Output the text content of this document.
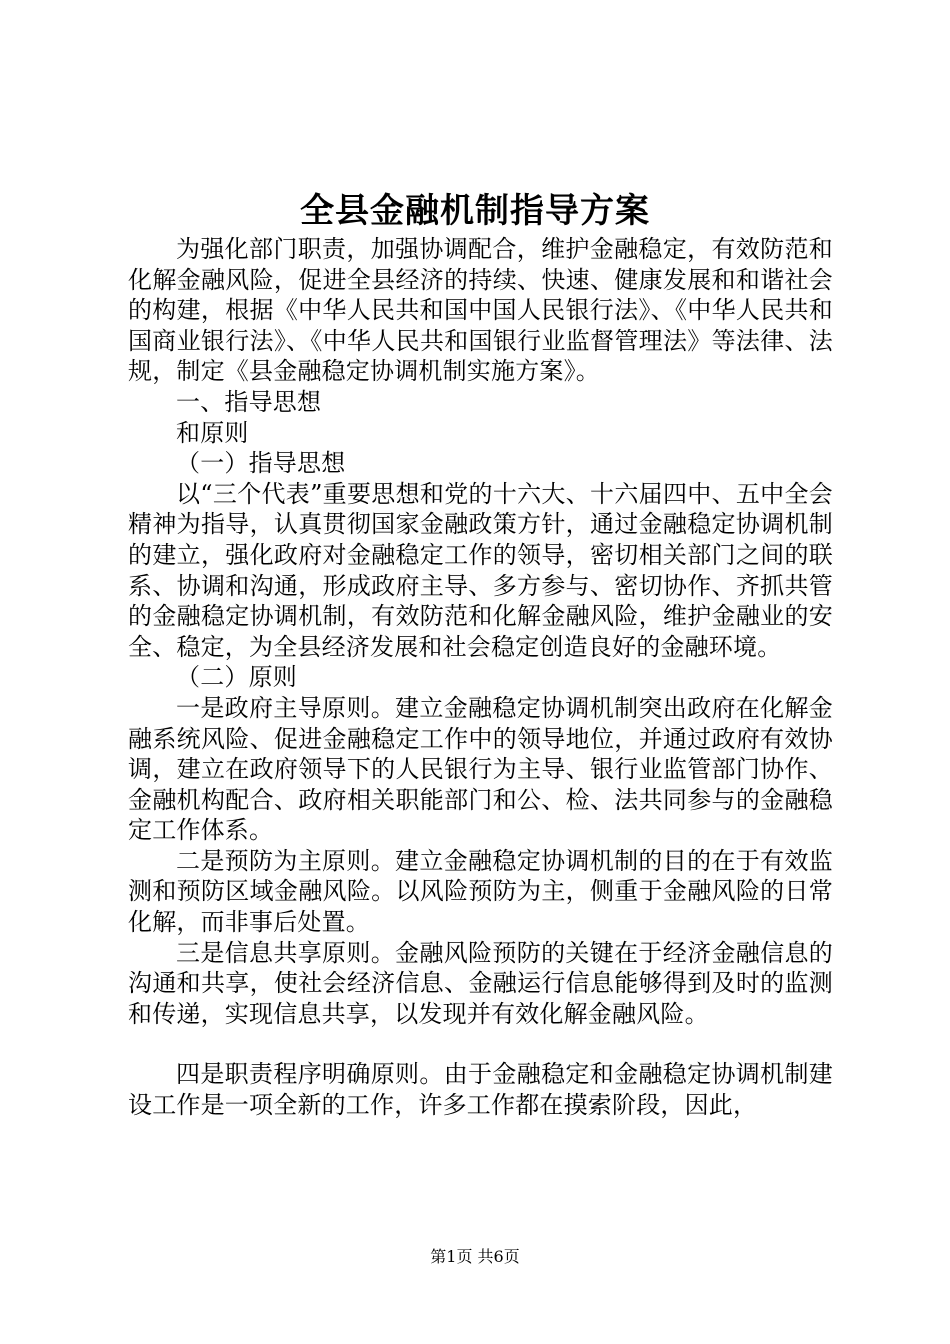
全县金融机制指导方案

为强化部门职责，加强协调配合，维护金融稳定，有效防范和化解金融风险，促进全县经济的持续、快速、健康发展和和谐社会的构建，根据《中华人民共和国中国人民银行法》、《中华人民共和国商业银行法》、《中华人民共和国银行业监督管理法》等法律、法规，制定《县金融稳定协调机制实施方案》。

一、指导思想

和原则

（一）指导思想

以“三个代表”重要思想和党的十六大、十六届四中、五中全会精神为指导，认真贯彻国家金融政策方针，通过金融稳定协调机制的建立，强化政府对金融稳定工作的领导，密切相关部门之间的联系、协调和沟通，形成政府主导、多方参与、密切协作、齐抓共管的金融稳定协调机制，有效防范和化解金融风险，维护金融业的安全、稳定，为全县经济发展和社会稳定创造良好的金融环境。

（二）原则

一是政府主导原则。建立金融稳定协调机制突出政府在化解金融系统风险、促进金融稳定工作中的领导地位，并通过政府有效协调，建立在政府领导下的人民银行为主导、银行业监管部门协作、金融机构配合、政府相关职能部门和公、检、法共同参与的金融稳定工作体系。

二是预防为主原则。建立金融稳定协调机制的目的在于有效监测和预防区域金融风险。以风险预防为主，侧重于金融风险的日常化解，而非事后处置。

三是信息共享原则。金融风险预防的关键在于经济金融信息的沟通和共享，使社会经济信息、金融运行信息能够得到及时的监测和传递，实现信息共享，以发现并有效化解金融风险。

四是职责程序明确原则。由于金融稳定和金融稳定协调机制建设工作是一项全新的工作，许多工作都在摸索阶段，因此，

第1页 共6页
